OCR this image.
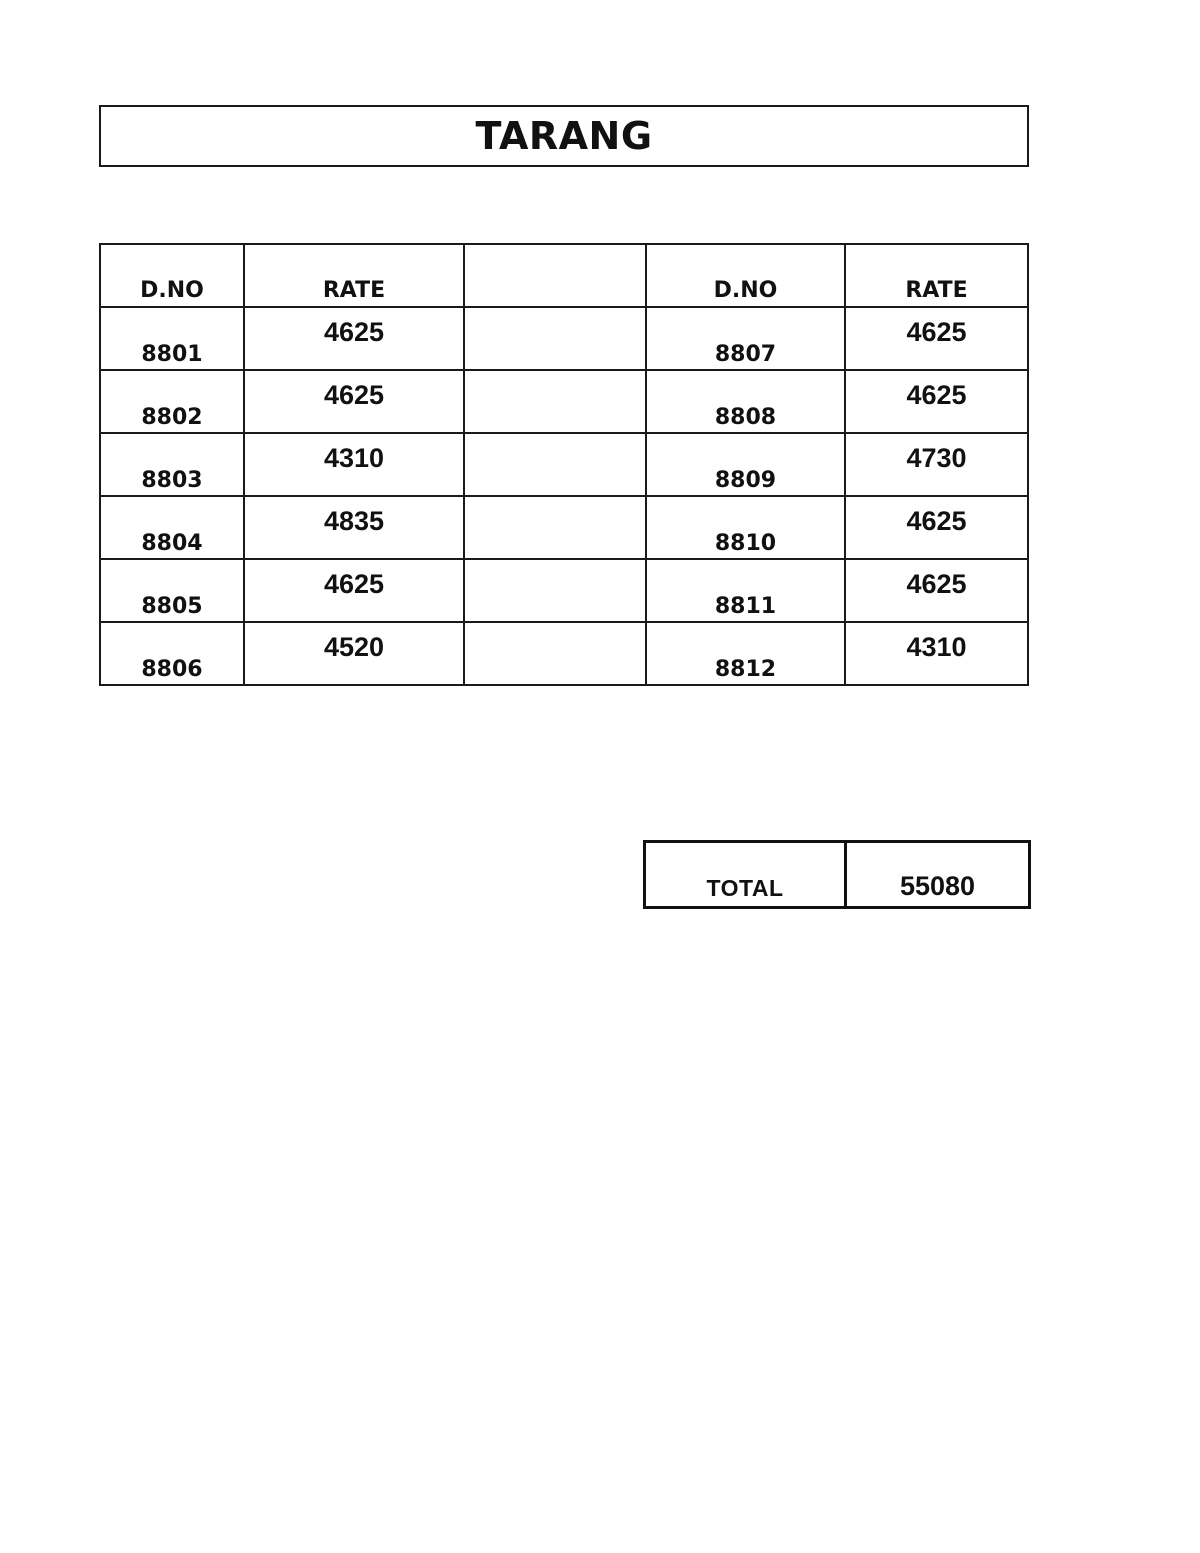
TARANG
D.NO	RATE		D.NO	RATE
8801	4625		8807	4625
8802	4625		8808	4625
8803	4310		8809	4730
8804	4835		8810	4625
8805	4625		8811	4625
8806	4520		8812	4310
TOTAL	55080
